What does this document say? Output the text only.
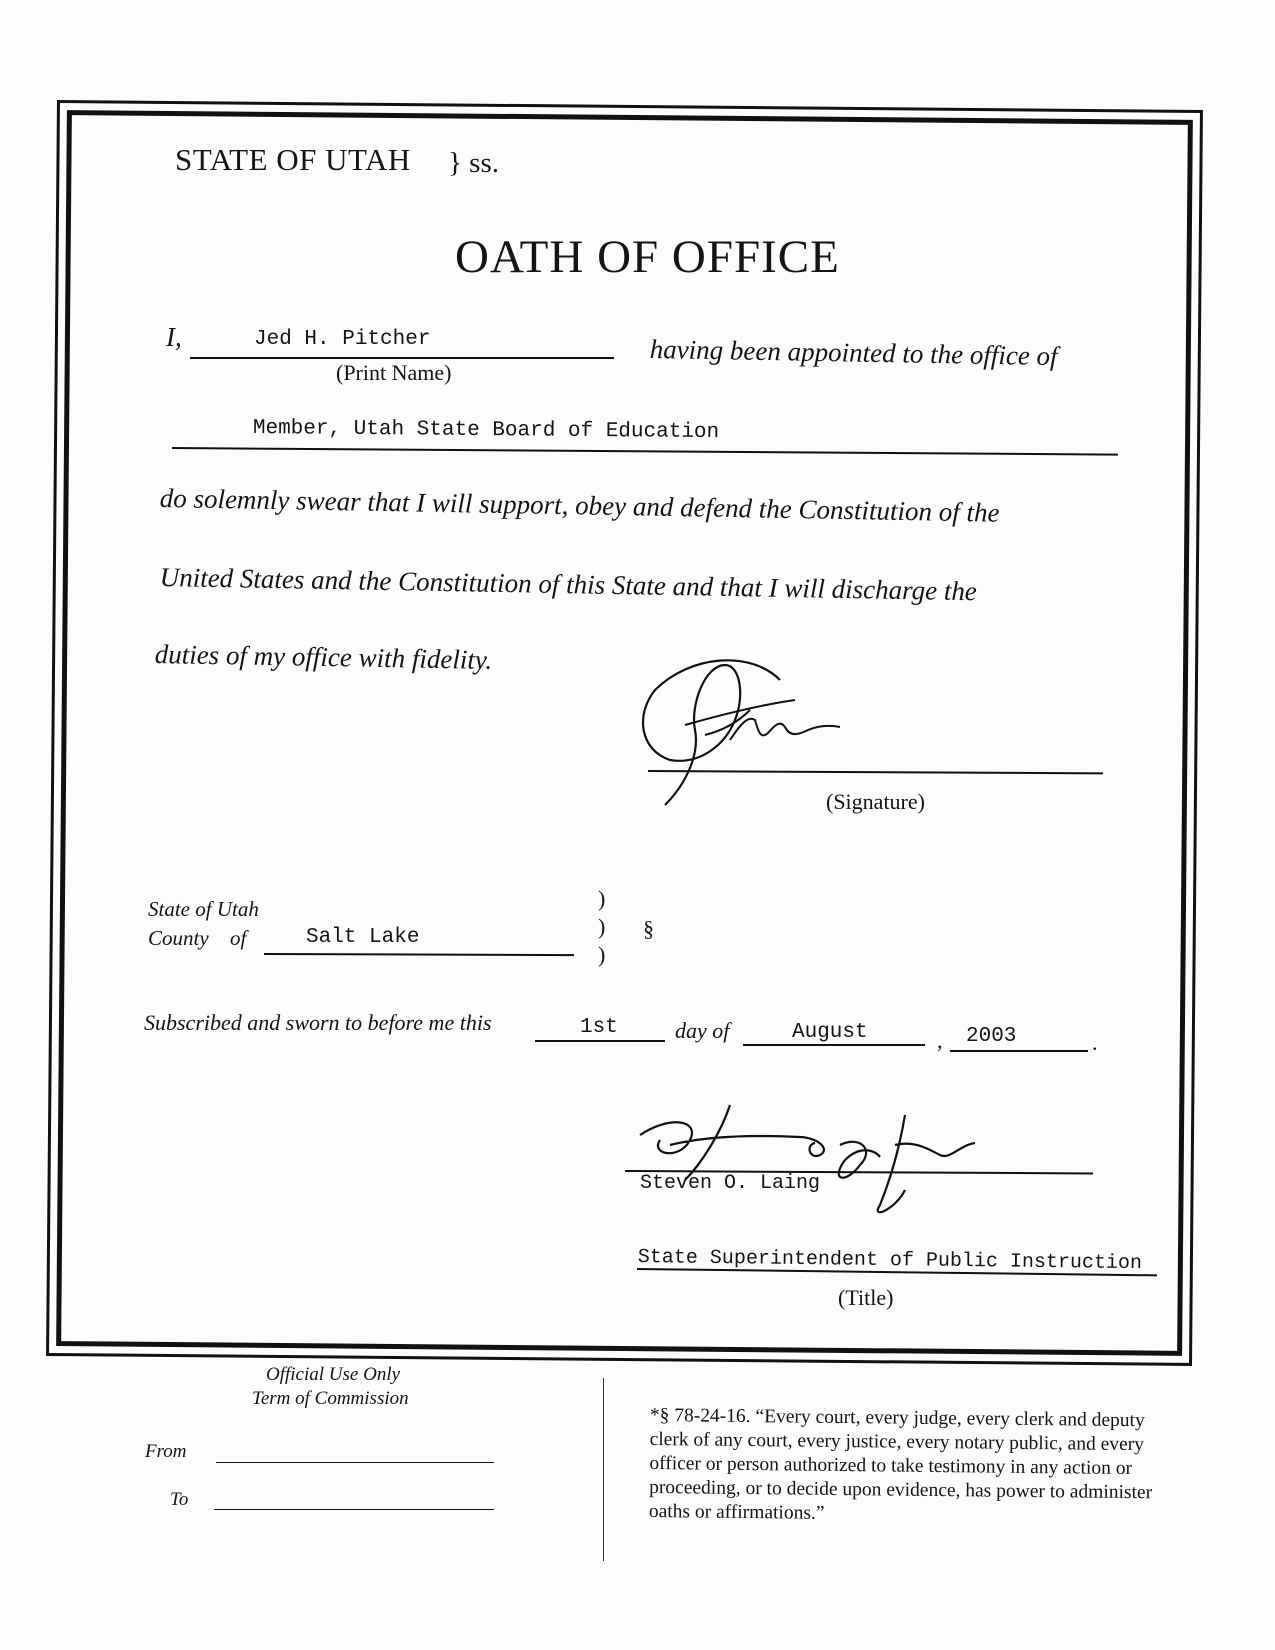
STATE OF UTAH } ss.
OATH OF OFFICE
I,	Jed H. Pitcher
(Print Name)
having been appointed to the office of
Member, Utah State Board of Education
do solemnly swear that I will support, obey and defend the Constitution of the
United States and the Constitution of this State and that I will discharge the
duties of my office with fidelity.
(Signature)
State of Utah
County of	Salt Lake
)
)
)
§
Subscribed and sworn to before me this	1st	day of	August	, 2003	.
Steven O. Laing
State Superintendent of Public Instruction
(Title)
Official Use Only
Term of Commission
From
To
*§ 78-24-16. “Every court, every judge, every clerk and deputy clerk of any court, every justice, every notary public, and every officer or person authorized to take testimony in any action or proceeding, or to decide upon evidence, has power to administer oaths or affirmations.”
